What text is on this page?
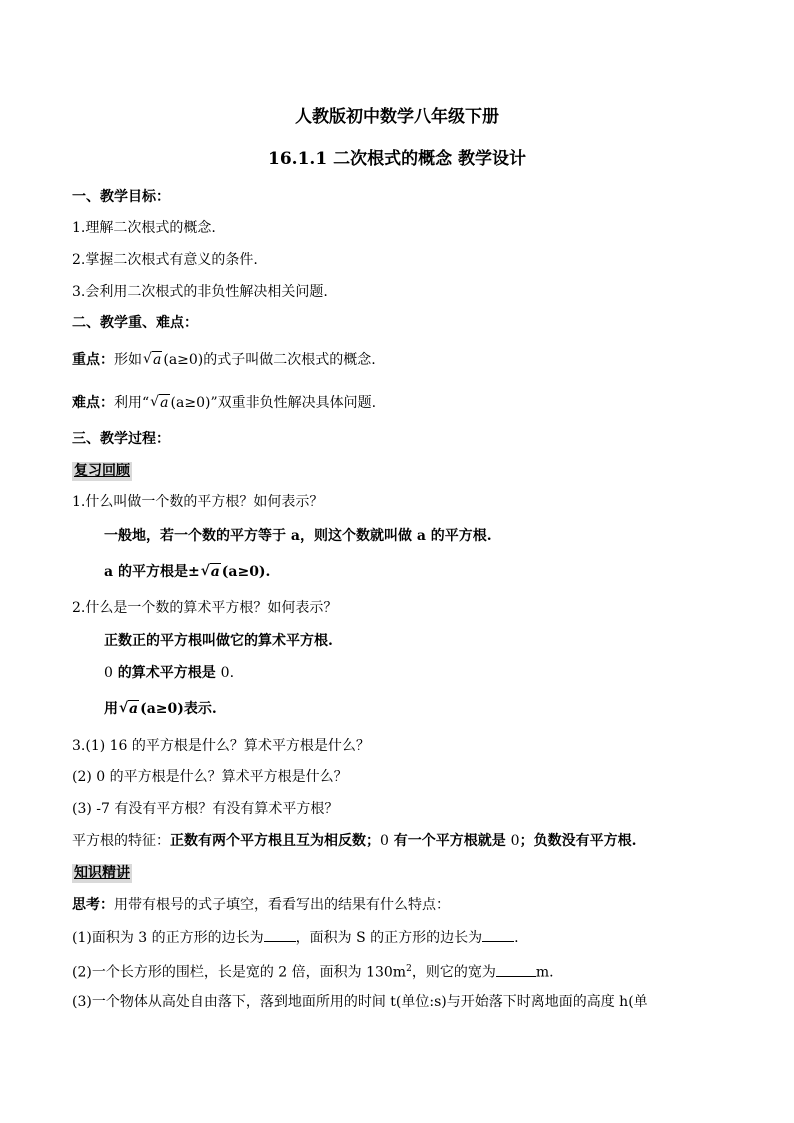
人教版初中数学八年级下册
16.1.1 二次根式的概念 教学设计
一、教学目标：
1.理解二次根式的概念.
2.掌握二次根式有意义的条件.
3.会利用二次根式的非负性解决相关问题.
二、教学重、难点：
重点：形如 √ a (a≥0)的式子叫做二次根式的概念.
难点：利用“ √ a (a≥0)”双重非负性解决具体问题.
三、教学过程：
复习回顾
1.什么叫做一个数的平方根？如何表示？
一般地，若一个数的平方等于 a，则这个数就叫做 a 的平方根.
a 的平方根是± √ a (a≥0).
2.什么是一个数的算术平方根？如何表示？
正数正的平方根叫做它的算术平方根.
0 的算术平方根是 0.
用 √ a (a≥0)表示.
3.(1) 16 的平方根是什么？算术平方根是什么？
(2) 0 的平方根是什么？算术平方根是什么？
(3) -7 有没有平方根？有没有算术平方根？
平方根的特征：正数有两个平方根且互为相反数；0 有一个平方根就是 0；负数没有平方根.
知识精讲
思考：用带有根号的式子填空，看看写出的结果有什么特点：
(1)面积为 3 的正方形的边长为 ，面积为 S 的正方形的边长为 .
(2)一个长方形的围栏，长是宽的 2 倍，面积为 $130m^2$，则它的宽为	m.
(3)一个物体从高处自由落下，落到地面所用的时间 t(单位:s)与开始落下时离地面的高度 h(单
